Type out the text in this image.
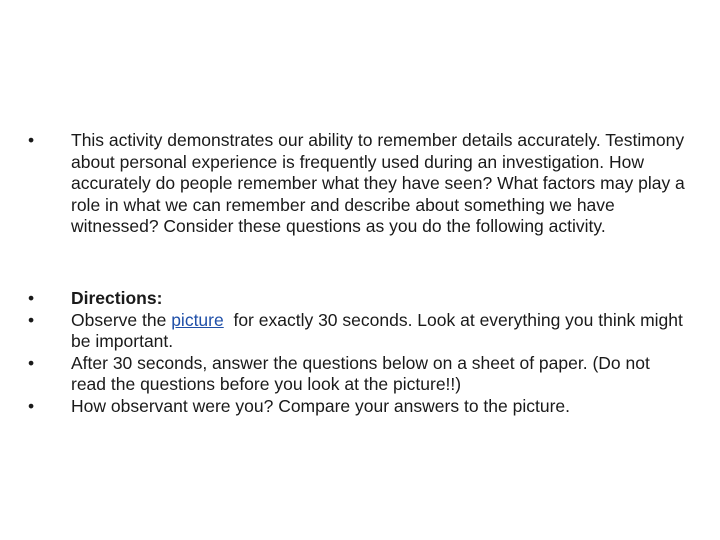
•	This activity demonstrates our ability to remember details accurately. Testimony about personal experience is frequently used during an investigation. How accurately do people remember what they have seen? What factors may play a role in what we can remember and describe about something we have witnessed? Consider these questions as you do the following activity.
•	Directions:
•	Observe the picture  for exactly 30 seconds. Look at everything you think might be important.
•	After 30 seconds, answer the questions below on a sheet of paper. (Do not read the questions before you look at the picture!!)
•	How observant were you? Compare your answers to the picture.
